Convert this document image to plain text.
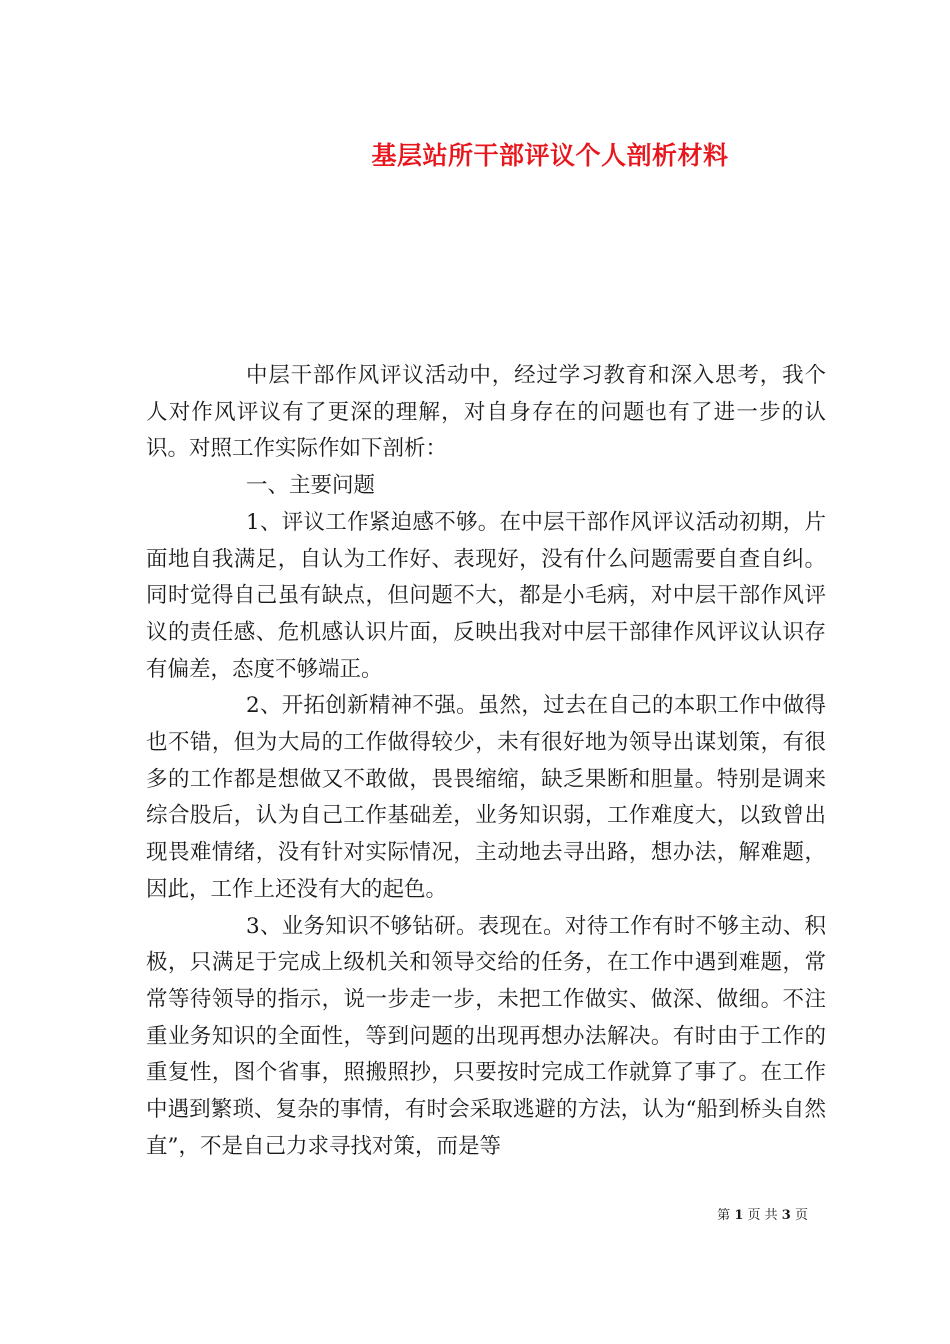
基层站所干部评议个人剖析材料

中层干部作风评议活动中，经过学习教育和深入思考，我个人对作风评议有了更深的理解，对自身存在的问题也有了进一步的认识。对照工作实际作如下剖析：

一、主要问题

1、评议工作紧迫感不够。在中层干部作风评议活动初期，片面地自我满足，自认为工作好、表现好，没有什么问题需要自查自纠。同时觉得自己虽有缺点，但问题不大，都是小毛病，对中层干部作风评议的责任感、危机感认识片面，反映出我对中层干部律作风评议认识存有偏差，态度不够端正。

2、开拓创新精神不强。虽然，过去在自己的本职工作中做得也不错，但为大局的工作做得较少，未有很好地为领导出谋划策，有很多的工作都是想做又不敢做，畏畏缩缩，缺乏果断和胆量。特别是调来综合股后，认为自己工作基础差，业务知识弱，工作难度大，以致曾出现畏难情绪，没有针对实际情况，主动地去寻出路，想办法，解难题，因此，工作上还没有大的起色。

3、业务知识不够钻研。表现在。对待工作有时不够主动、积极，只满足于完成上级机关和领导交给的任务，在工作中遇到难题，常常等待领导的指示，说一步走一步，未把工作做实、做深、做细。不注重业务知识的全面性，等到问题的出现再想办法解决。有时由于工作的重复性，图个省事，照搬照抄，只要按时完成工作就算了事了。在工作中遇到繁琐、复杂的事情，有时会采取逃避的方法，认为“船到桥头自然直”，不是自己力求寻找对策，而是等

第 1 页 共 3 页
